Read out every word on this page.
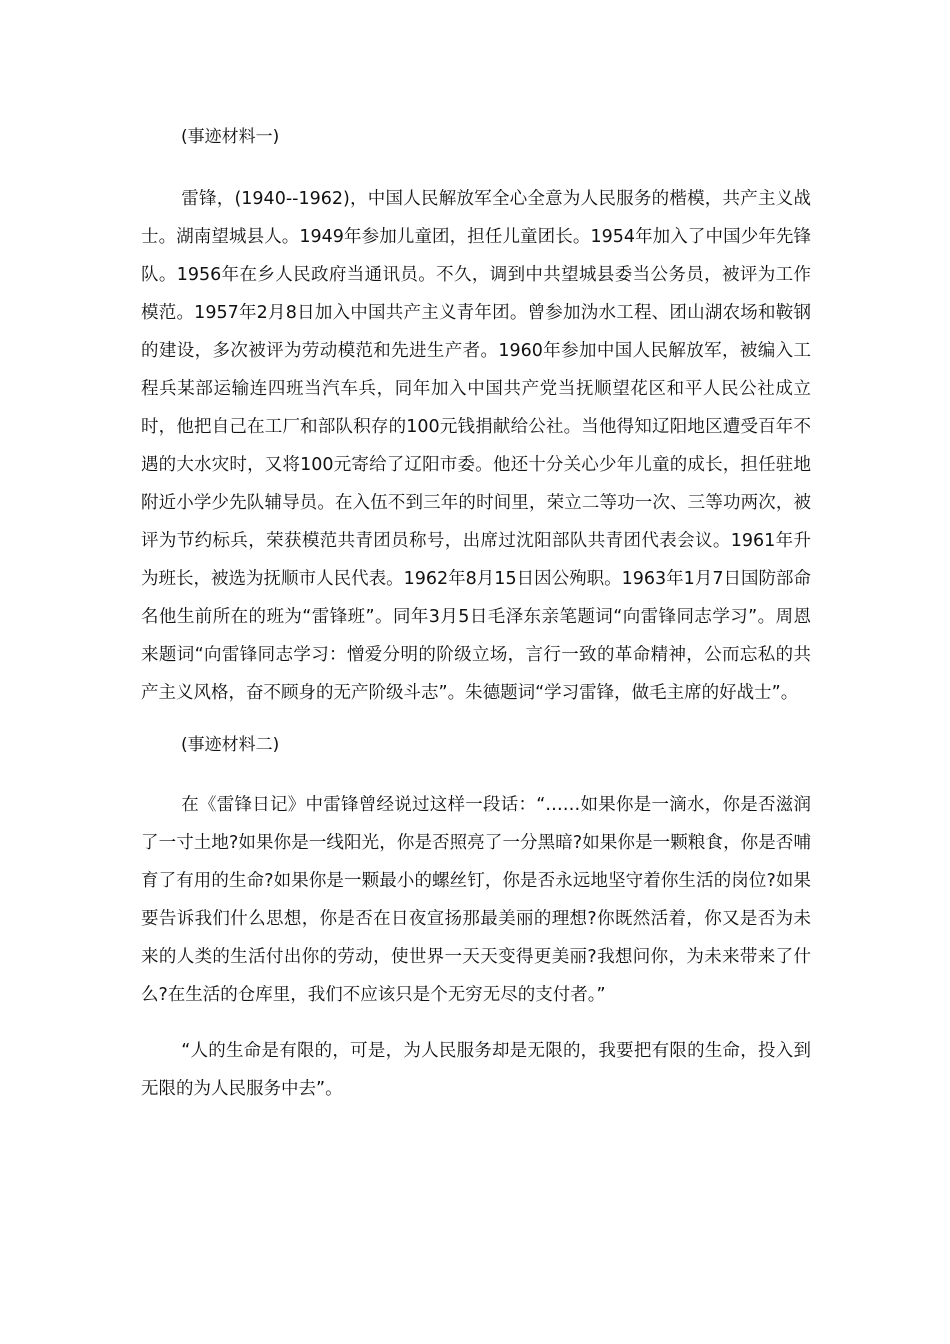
(事迹材料一)

雷锋，(1940--1962)，中国人民解放军全心全意为人民服务的楷模，共产主义战士。湖南望城县人。1949年参加儿童团，担任儿童团长。1954年加入了中国少年先锋队。1956年在乡人民政府当通讯员。不久，调到中共望城县委当公务员，被评为工作模范。1957年2月8日加入中国共产主义青年团。曾参加沩水工程、团山湖农场和鞍钢的建设，多次被评为劳动模范和先进生产者。1960年参加中国人民解放军，被编入工程兵某部运输连四班当汽车兵，同年加入中国共产党当抚顺望花区和平人民公社成立时，他把自己在工厂和部队积存的100元钱捐献给公社。当他得知辽阳地区遭受百年不遇的大水灾时，又将100元寄给了辽阳市委。他还十分关心少年儿童的成长，担任驻地附近小学少先队辅导员。在入伍不到三年的时间里，荣立二等功一次、三等功两次，被评为节约标兵，荣获模范共青团员称号，出席过沈阳部队共青团代表会议。1961年升为班长，被选为抚顺市人民代表。1962年8月15日因公殉职。1963年1月7日国防部命名他生前所在的班为“雷锋班”。同年3月5日毛泽东亲笔题词“向雷锋同志学习”。周恩来题词“向雷锋同志学习：憎爱分明的阶级立场，言行一致的革命精神，公而忘私的共产主义风格，奋不顾身的无产阶级斗志”。朱德题词“学习雷锋，做毛主席的好战士”。

(事迹材料二)

在《雷锋日记》中雷锋曾经说过这样一段话：“……如果你是一滴水，你是否滋润了一寸土地?如果你是一线阳光，你是否照亮了一分黑暗?如果你是一颗粮食，你是否哺育了有用的生命?如果你是一颗最小的螺丝钉，你是否永远地坚守着你生活的岗位?如果要告诉我们什么思想，你是否在日夜宣扬那最美丽的理想?你既然活着，你又是否为未来的人类的生活付出你的劳动，使世界一天天变得更美丽?我想问你，为未来带来了什么?在生活的仓库里，我们不应该只是个无穷无尽的支付者。”

“人的生命是有限的，可是，为人民服务却是无限的，我要把有限的生命，投入到无限的为人民服务中去”。
